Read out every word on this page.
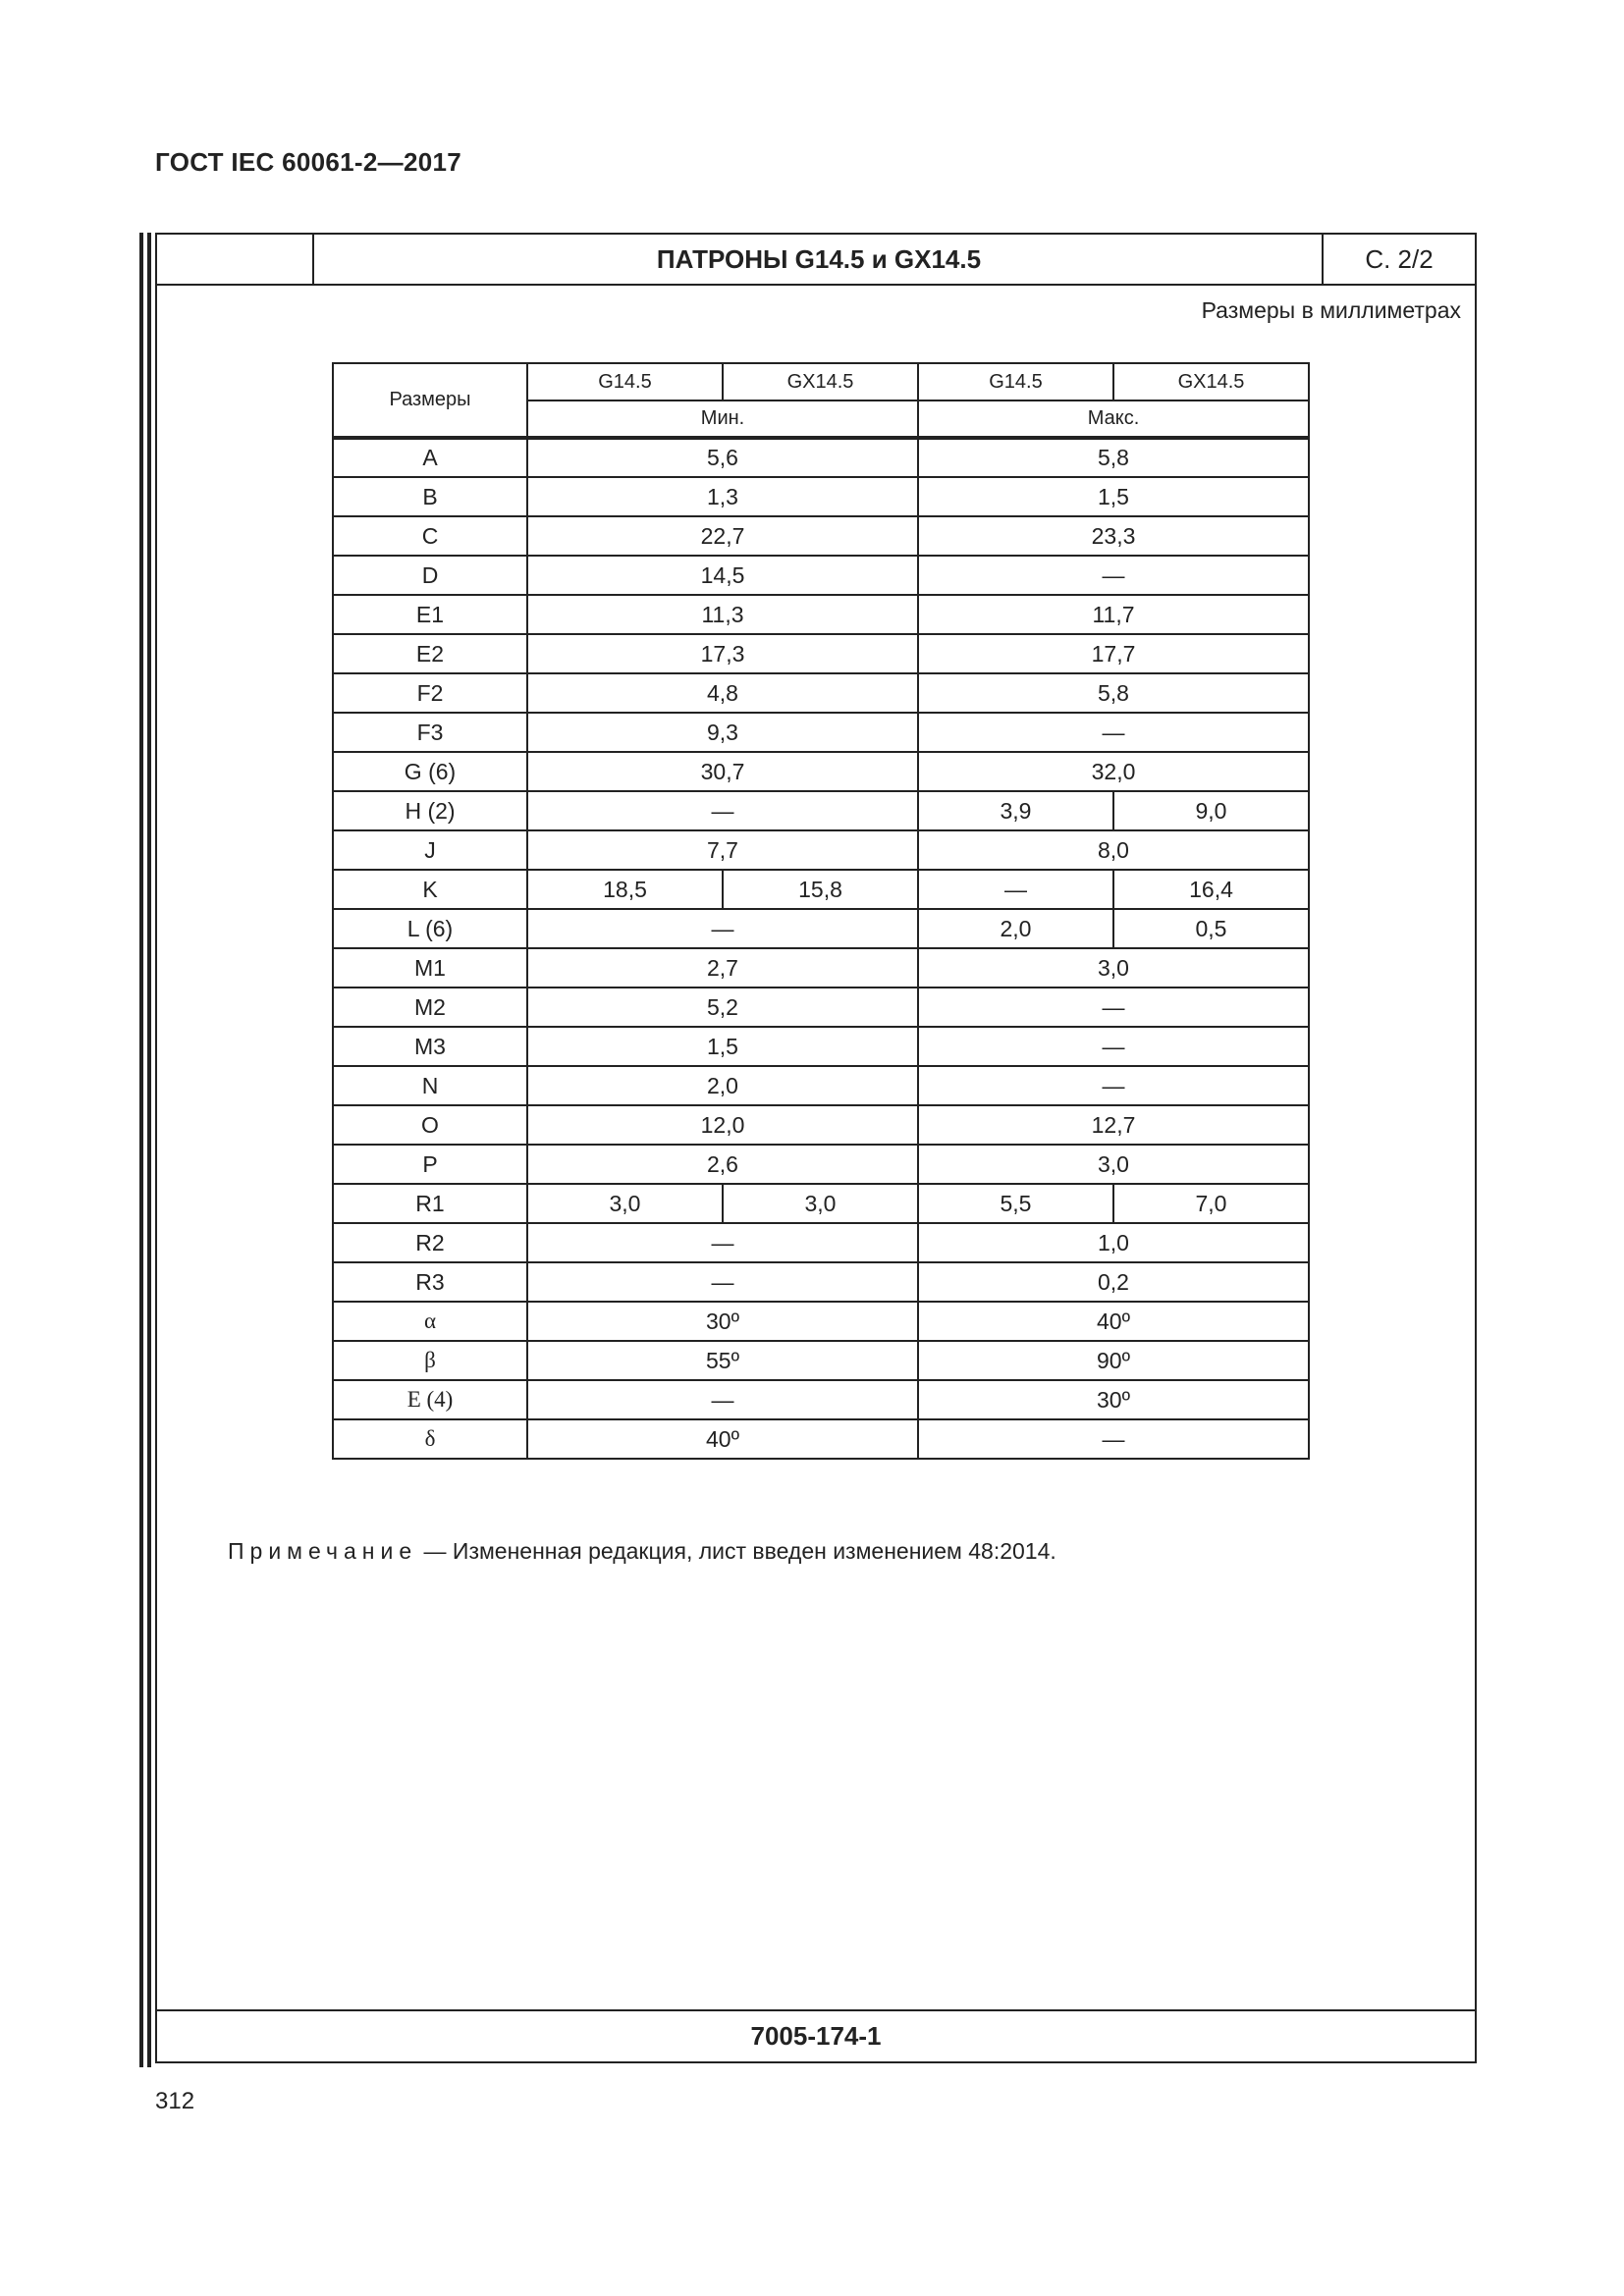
ГОСТ IEC 60061-2—2017
ПАТРОНЫ G14.5 и GX14.5	С. 2/2
Размеры в миллиметрах
Размеры	G14.5	GX14.5	G14.5	GX14.5
	Мин.		Макс.	
A	5,6		5,8	
B	1,3		1,5	
C	22,7		23,3	
D	14,5		—	
E1	11,3		11,7	
E2	17,3		17,7	
F2	4,8		5,8	
F3	9,3		—	
G (6)	30,7		32,0	
H (2)	—		3,9	9,0
J	7,7		8,0	
K	18,5	15,8	—	16,4
L (6)	—		2,0	0,5
M1	2,7		3,0	
M2	5,2		—	
M3	1,5		—	
N	2,0		—	
O	12,0		12,7	
P	2,6		3,0	
R1	3,0	3,0	5,5	7,0
R2	—		1,0	
R3	—		0,2	
α	30º		40º	
β	55º		90º	
Ε (4)	—		30º	
δ	40º		—	
Примечание — Измененная редакция, лист введен изменением 48:2014.
7005-174-1
312
